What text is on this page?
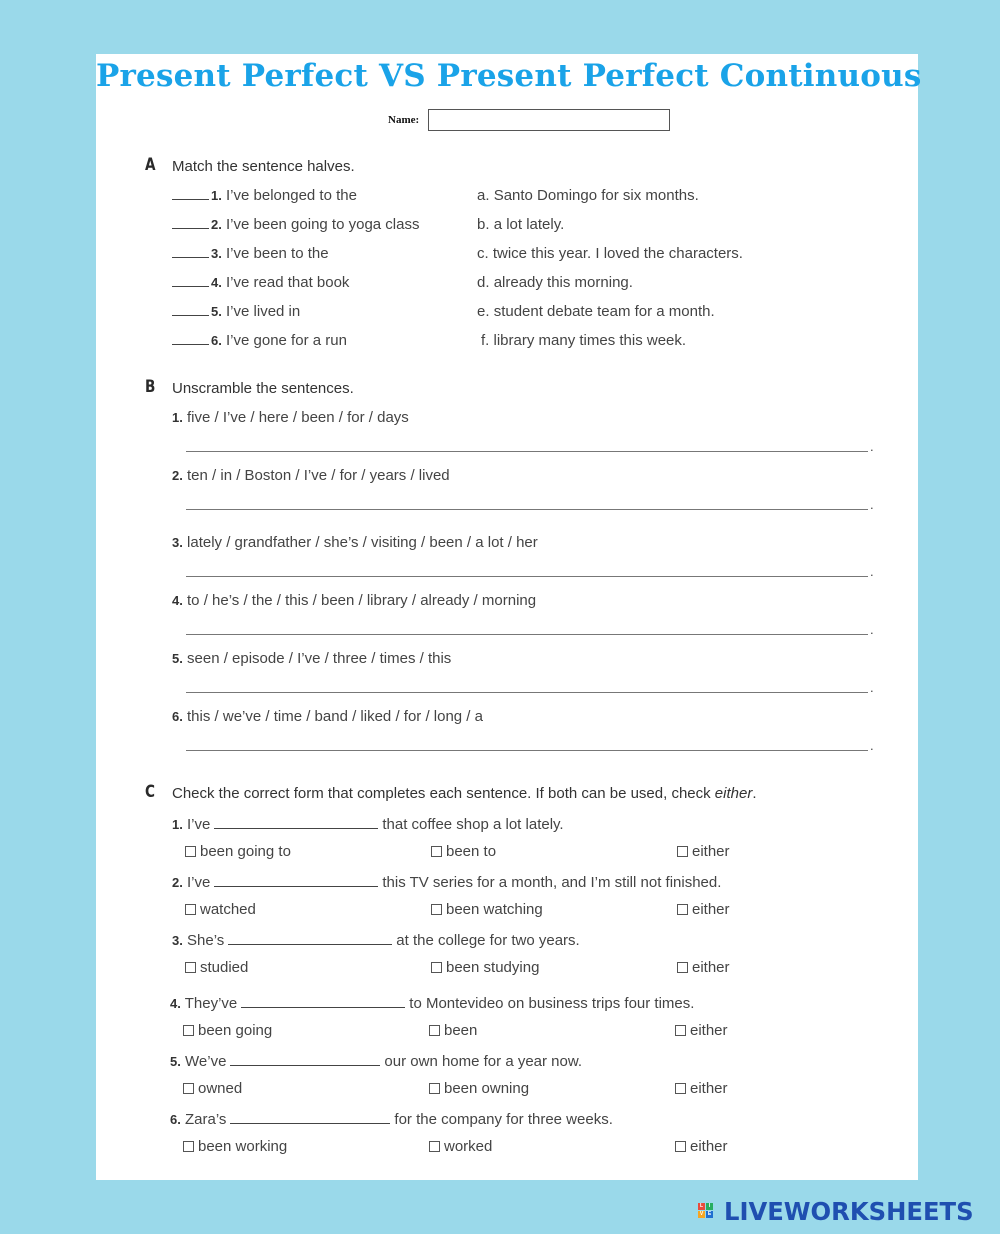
Present Perfect VS Present Perfect Continuous
Name:
A Match the sentence halves.
1. I’ve belonged to the
2. I’ve been going to yoga class
3. I’ve been to the
4. I’ve read that book
5. I’ve lived in
6. I’ve gone for a run
a. Santo Domingo for six months.
b. a lot lately.
c. twice this year. I loved the characters.
d. already this morning.
e. student debate team for a month.
f. library many times this week.
B Unscramble the sentences.
1. five / I’ve / here / been / for / days
.
2. ten / in / Boston / I’ve / for / years / lived
.
3. lately / grandfather / she’s / visiting / been / a lot / her
.
4. to / he’s / the / this / been / library / already / morning
.
5. seen / episode / I’ve / three / times / this
.
6. this / we’ve / time / band / liked / for / long / a
.
C Check the correct form that completes each sentence. If both can be used, check either.
1. I’ve	that coffee shop a lot lately.
been going to	been to	either
2. I’ve	this TV series for a month, and I’m still not finished.
watched	been watching	either
3. She’s	at the college for two years.
studied	been studying	either
4. They’ve	to Montevideo on business trips four times.
been going	been	either
5. We’ve	our own home for a year now.
owned	been owning	either
6. Zara’s	for the company for three weeks.
been working	worked	either
L	I
V E LIVEWORKSHEETS
